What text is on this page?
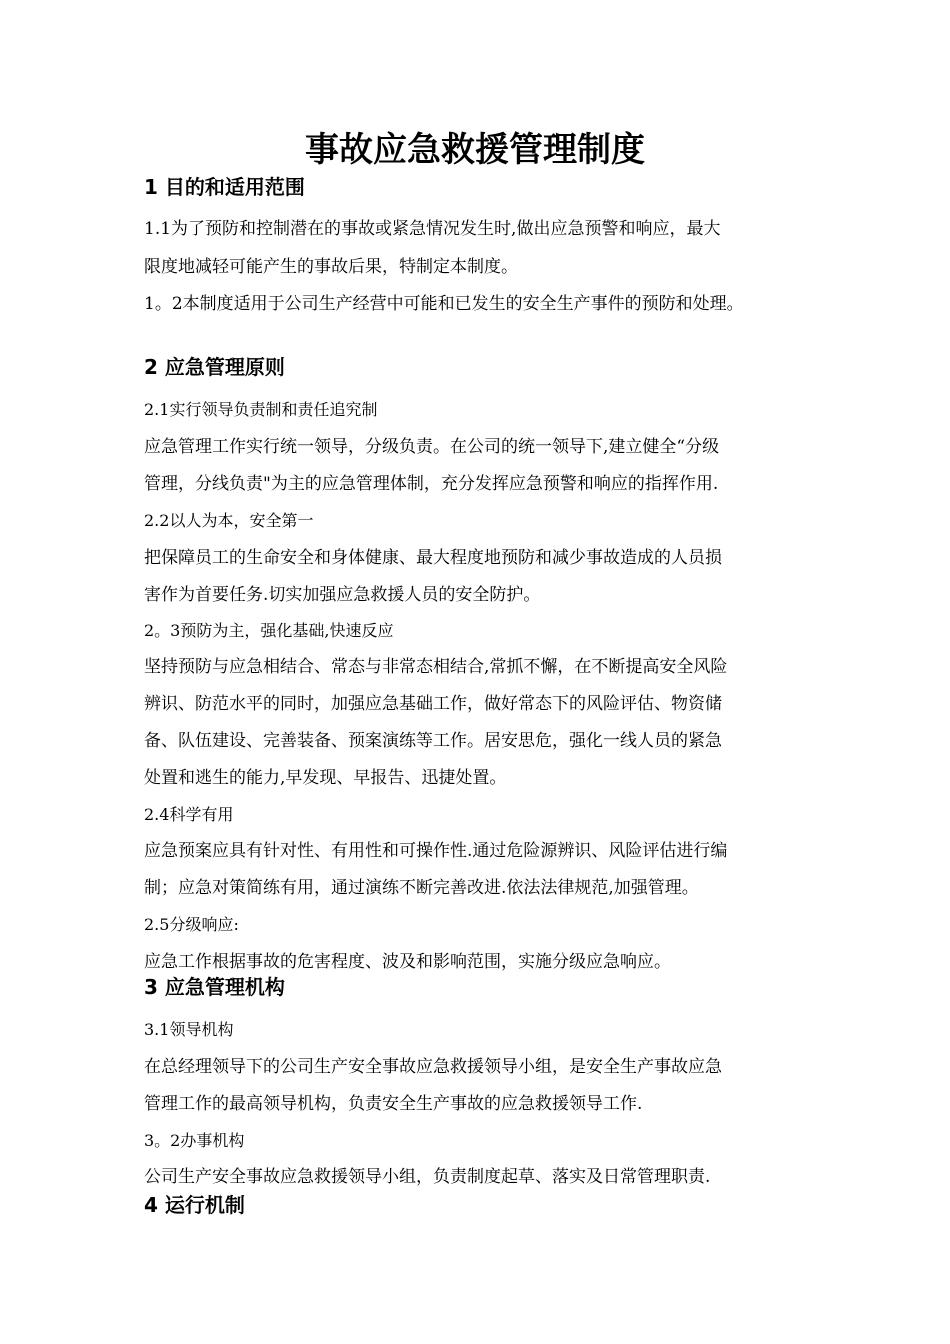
事故应急救援管理制度
1 目的和适用范围
1.1为了预防和控制潜在的事故或紧急情况发生时,做出应急预警和响应，最大
限度地减轻可能产生的事故后果，特制定本制度。
1。2本制度适用于公司生产经营中可能和已发生的安全生产事件的预防和处理。
2 应急管理原则
2.1实行领导负责制和责任追究制
应急管理工作实行统一领导，分级负责。在公司的统一领导下,建立健全“分级
管理，分线负责"为主的应急管理体制，充分发挥应急预警和响应的指挥作用.
2.2以人为本，安全第一
把保障员工的生命安全和身体健康、最大程度地预防和减少事故造成的人员损
害作为首要任务.切实加强应急救援人员的安全防护。
2。3预防为主，强化基础,快速反应
坚持预防与应急相结合、常态与非常态相结合,常抓不懈，在不断提高安全风险
辨识、防范水平的同时，加强应急基础工作，做好常态下的风险评估、物资储
备、队伍建设、完善装备、预案演练等工作。居安思危，强化一线人员的紧急
处置和逃生的能力,早发现、早报告、迅捷处置。
2.4科学有用
应急预案应具有针对性、有用性和可操作性.通过危险源辨识、风险评估进行编
制；应急对策简练有用，通过演练不断完善改进.依法法律规范,加强管理。
2.5分级响应:
应急工作根据事故的危害程度、波及和影响范围，实施分级应急响应。
3 应急管理机构
3.1领导机构
在总经理领导下的公司生产安全事故应急救援领导小组，是安全生产事故应急
管理工作的最高领导机构，负责安全生产事故的应急救援领导工作.
3。2办事机构
公司生产安全事故应急救援领导小组，负责制度起草、落实及日常管理职责.
4 运行机制
